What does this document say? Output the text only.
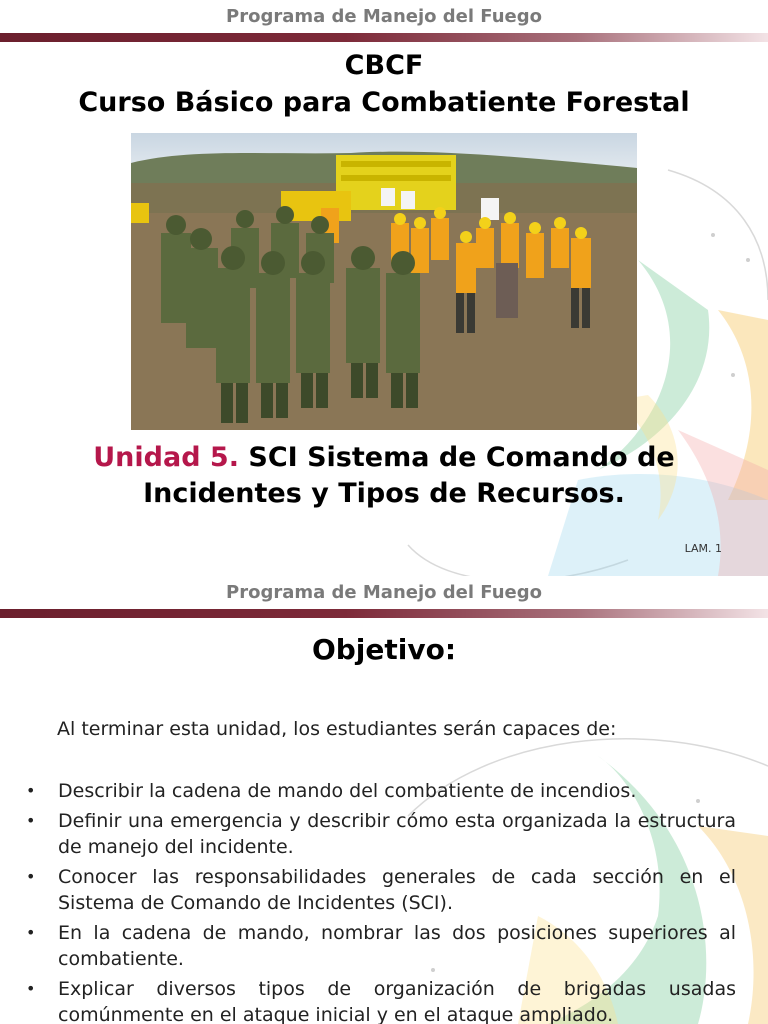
Programa de Manejo del Fuego
CBCF
Curso Básico para Combatiente Forestal
Unidad 5. SCI Sistema de Comando de Incidentes y Tipos de Recursos.
LAM. 1
Programa de Manejo del Fuego
Objetivo:
Al terminar esta unidad, los estudiantes serán capaces de:
• Describir la cadena de mando del combatiente de incendios.
• Definir una emergencia y describir cómo esta organizada la estructura de manejo del incidente.
• Conocer las responsabilidades generales de cada sección en el Sistema de Comando de Incidentes (SCI).
• En la cadena de mando, nombrar las dos posiciones superiores al combatiente.
• Explicar diversos tipos de organización de brigadas usadas comúnmente en el ataque inicial y en el ataque ampliado.
